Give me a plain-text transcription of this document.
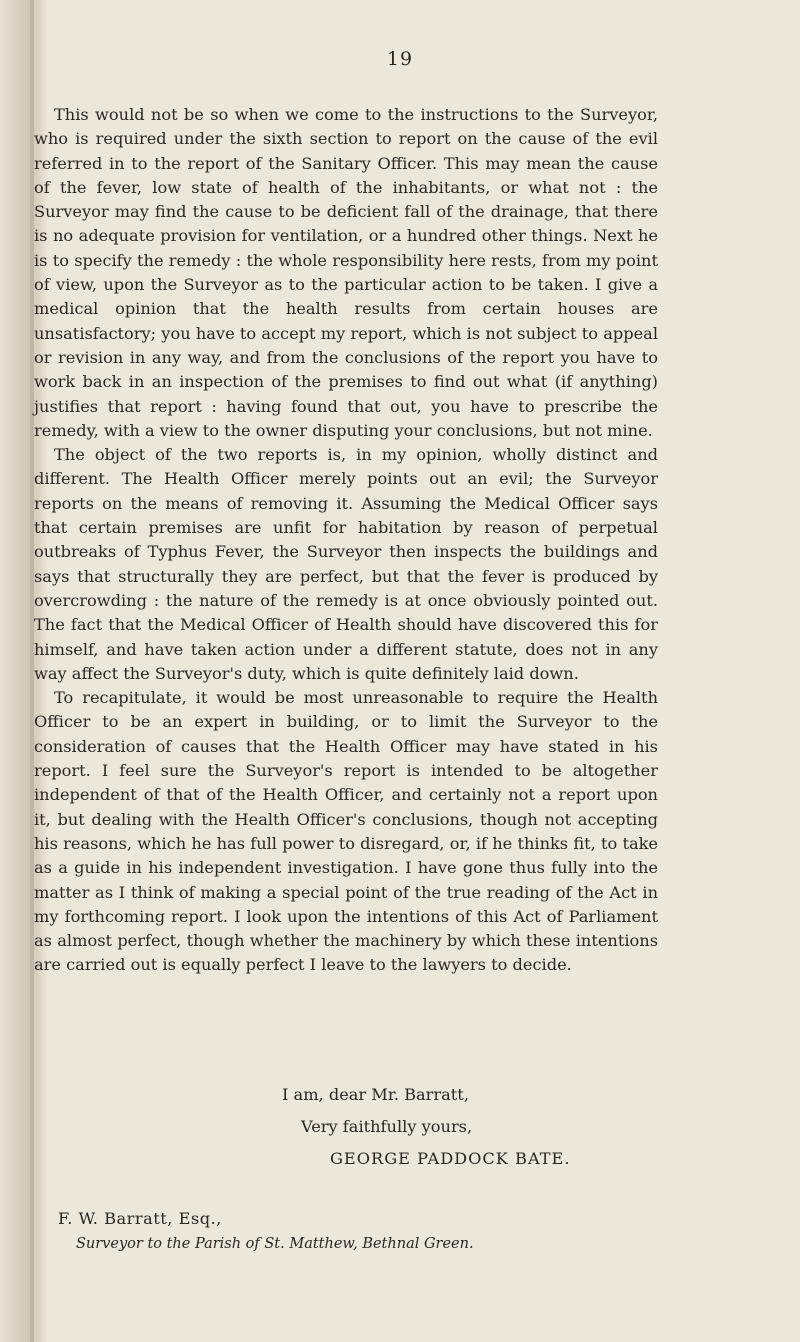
19

This would not be so when we come to the instructions to the Surveyor, who is required under the sixth section to report on the cause of the evil referred in to the report of the Sanitary Officer. This may mean the cause of the fever, low state of health of the inhabitants, or what not : the Surveyor may find the cause to be deficient fall of the drainage, that there is no adequate provision for ventilation, or a hundred other things. Next he is to specify the remedy : the whole responsibility here rests, from my point of view, upon the Surveyor as to the particular action to be taken. I give a medical opinion that the health results from certain houses are unsatisfactory; you have to accept my report, which is not subject to appeal or revision in any way, and from the conclusions of the report you have to work back in an inspection of the premises to find out what (if anything) justifies that report : having found that out, you have to prescribe the remedy, with a view to the owner disputing your conclusions, but not mine.

The object of the two reports is, in my opinion, wholly distinct and different. The Health Officer merely points out an evil; the Surveyor reports on the means of removing it. Assuming the Medical Officer says that certain premises are unfit for habitation by reason of perpetual outbreaks of Typhus Fever, the Surveyor then inspects the buildings and says that structurally they are perfect, but that the fever is produced by overcrowding : the nature of the remedy is at once obviously pointed out. The fact that the Medical Officer of Health should have discovered this for himself, and have taken action under a different statute, does not in any way affect the Surveyor's duty, which is quite definitely laid down.

To recapitulate, it would be most unreasonable to require the Health Officer to be an expert in building, or to limit the Surveyor to the consideration of causes that the Health Officer may have stated in his report. I feel sure the Surveyor's report is intended to be altogether independent of that of the Health Officer, and certainly not a report upon it, but dealing with the Health Officer's conclusions, though not accepting his reasons, which he has full power to disregard, or, if he thinks fit, to take as a guide in his independent investigation. I have gone thus fully into the matter as I think of making a special point of the true reading of the Act in my forthcoming report. I look upon the intentions of this Act of Parliament as almost perfect, though whether the machinery by which these intentions are carried out is equally perfect I leave to the lawyers to decide.

I am, dear Mr. Barratt,
Very faithfully yours,
GEORGE PADDOCK BATE.
F. W. Barratt, Esq.,
Surveyor to the Parish of St. Matthew, Bethnal Green.
